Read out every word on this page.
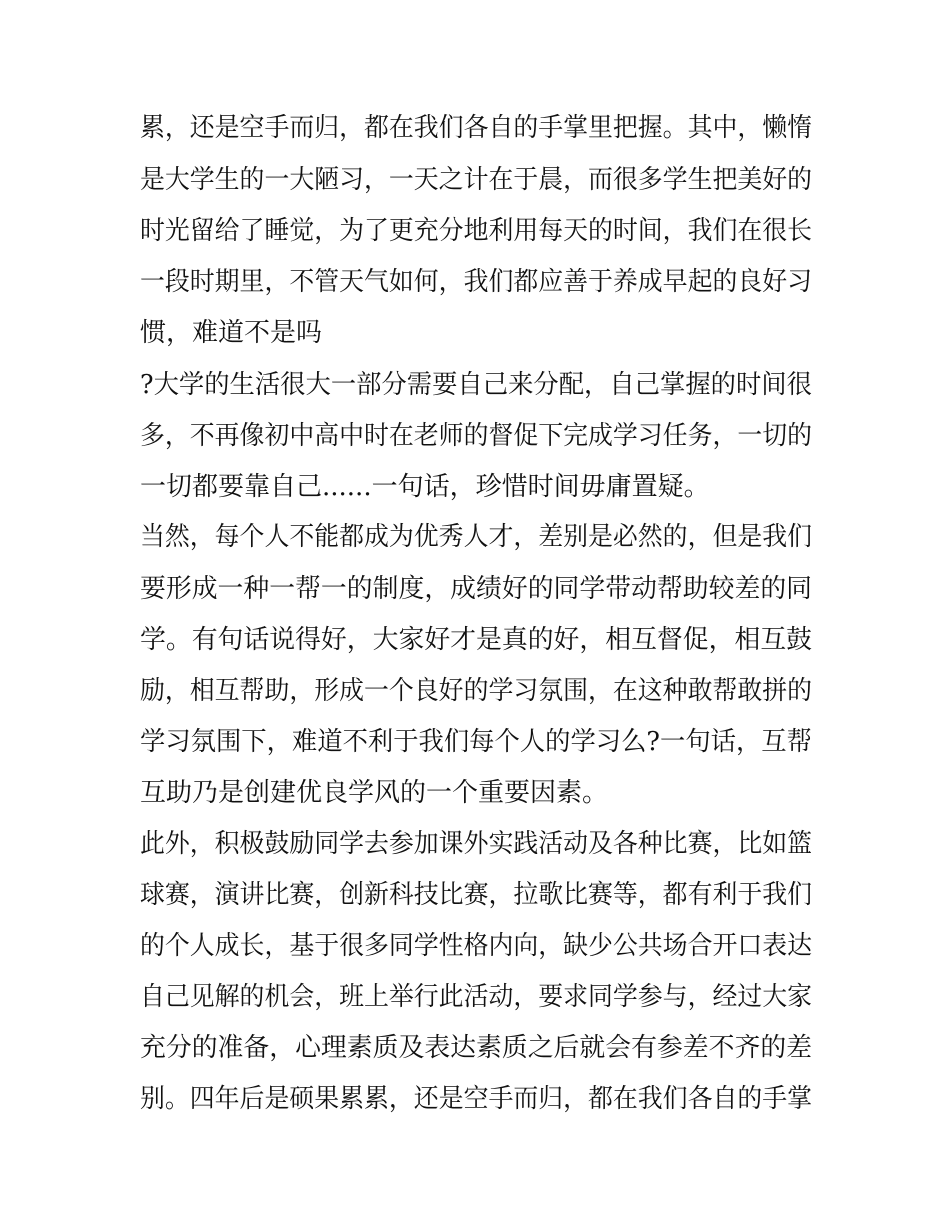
累，还是空手而归，都在我们各自的手掌里把握。其中，懒惰
是大学生的一大陋习，一天之计在于晨，而很多学生把美好的
时光留给了睡觉，为了更充分地利用每天的时间，我们在很长
一段时期里，不管天气如何，我们都应善于养成早起的良好习
惯，难道不是吗
?大学的生活很大一部分需要自己来分配，自己掌握的时间很
多，不再像初中高中时在老师的督促下完成学习任务，一切的
一切都要靠自己......一句话，珍惜时间毋庸置疑。
当然，每个人不能都成为优秀人才，差别是必然的，但是我们
要形成一种一帮一的制度，成绩好的同学带动帮助较差的同
学。有句话说得好，大家好才是真的好，相互督促，相互鼓
励，相互帮助，形成一个良好的学习氛围，在这种敢帮敢拼的
学习氛围下，难道不利于我们每个人的学习么?一句话，互帮
互助乃是创建优良学风的一个重要因素。
此外，积极鼓励同学去参加课外实践活动及各种比赛，比如篮
球赛，演讲比赛，创新科技比赛，拉歌比赛等，都有利于我们
的个人成长，基于很多同学性格内向，缺少公共场合开口表达
自己见解的机会，班上举行此活动，要求同学参与，经过大家
充分的准备，心理素质及表达素质之后就会有参差不齐的差
别。四年后是硕果累累，还是空手而归，都在我们各自的手掌
